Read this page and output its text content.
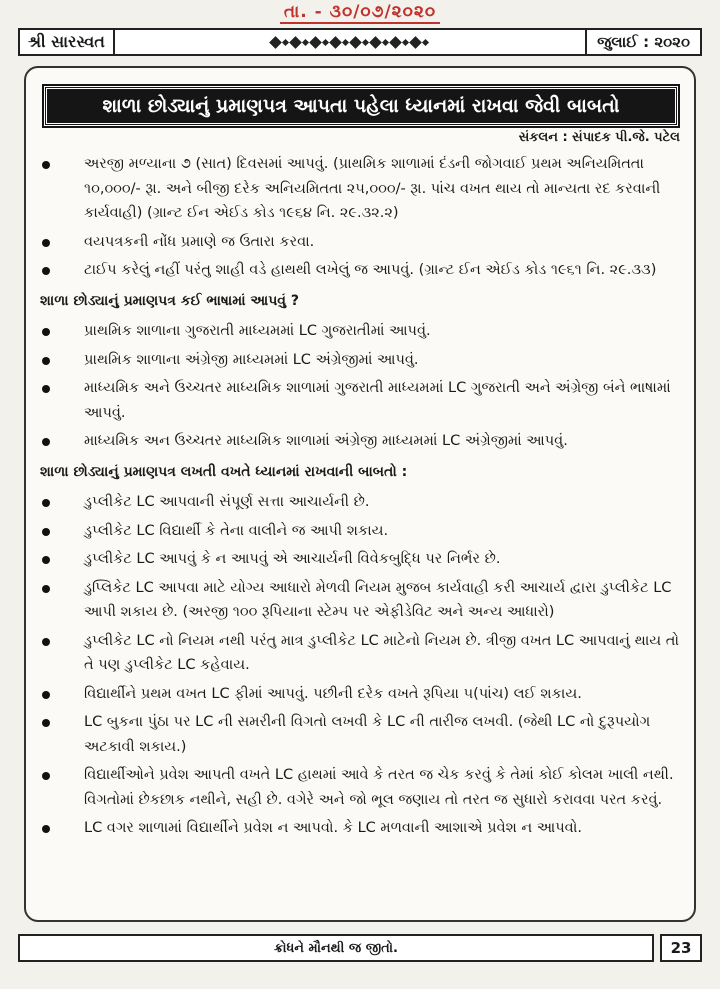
તા. - ૩૦/૦૭/૨૦૨૦
શ્રી સારસ્વત	જુલાઈ : ૨૦૨૦
શાળા છોડ્યાનું પ્રમાણપત્ર આપતા પહેલા ધ્યાનમાં રાખવા જેવી બાબતો
સંકલન : સંપાદક પી.જે. પટેલ
અરજી મળ્યાના ૭ (સાત) દિવસમાં આપવું. (પ્રાથમિક શાળામાં દંડની જોગવાઈ પ્રથમ અનિયમિતતા ૧૦,૦૦૦/- રૂા. અને બીજી દરેક અનિયમિતતા ૨૫,૦૦૦/- રૂા. પાંચ વખત થાય તો માન્યતા રદ કરવાની કાર્યવાહી) (ગ્રાન્ટ ઈન એઈડ કોડ ૧૯૬૪ નિ. ૨૯.૩૨.૨)
વયપત્રકની નોંધ પ્રમાણે જ ઉતારા કરવા.
ટાઈપ કરેલું નહીં પરંતુ શાહી વડે હાથથી લખેલું જ આપવું. (ગ્રાન્ટ ઈન એઈડ કોડ ૧૯૬૧ નિ. ૨૯.૩૩)
શાળા છોડ્યાનું પ્રમાણપત્ર કઈ ભાષામાં આપવું ?
પ્રાથમિક શાળાના ગુજરાતી માધ્યમમાં LC ગુજરાતીમાં આપવું.
પ્રાથમિક શાળાના અંગ્રેજી માધ્યમમાં LC અંગ્રેજીમાં આપવું.
માધ્યમિક અને ઉચ્ચતર માધ્યમિક શાળામાં ગુજરાતી માધ્યમમાં LC ગુજરાતી અને અંગ્રેજી બંને ભાષામાં આપવું.
માધ્યમિક અન ઉચ્ચતર માધ્યમિક શાળામાં અંગ્રેજી માધ્યમમાં LC અંગ્રેજીમાં આપવું.
શાળા છોડ્યાનું પ્રમાણપત્ર લખતી વખતે ધ્યાનમાં રાખવાની બાબતો :
ડુપ્લીકેટ LC આપવાની સંપૂર્ણ સત્તા આચાર્યની છે.
ડુપ્લીકેટ LC વિદ્યાર્થી કે તેના વાલીને જ આપી શકાય.
ડુપ્લીકેટ LC આપવું કે ન આપવું એ આચાર્યની વિવેકબુદ્ધિ પર નિર્ભર છે.
ડુપ્લિકેટ LC આપવા માટે યોગ્ય આધારો મેળવી નિયમ મુજબ કાર્યવાહી કરી આચાર્ય દ્વારા ડુપ્લીકેટ LC આપી શકાય છે. (અરજી ૧૦૦ રૂપિયાના સ્ટેમ્પ પર એફીડેવિટ અને અન્ય આધારો)
ડુપ્લીકેટ LC નો નિયમ નથી પરંતુ માત્ર ડુપ્લીકેટ LC માટેનો નિયમ છે. ત્રીજી વખત LC આપવાનું થાય તો તે પણ ડુપ્લીકેટ LC કહેવાય.
વિદ્યાર્થીને પ્રથમ વખત LC ફીમાં આપવું. પછીની દરેક વખતે રૂપિયા ૫(પાંચ) લઈ શકાય.
LC બુકના પુંઠા પર LC ની સમરીની વિગતો લખવી કે LC ની તારીજ લખવી. (જેથી LC નો દુરૂપયોગ અટકાવી શકાય.)
વિદ્યાર્થીઓને પ્રવેશ આપતી વખતે LC હાથમાં આવે કે તરત જ ચેક કરવું કે તેમાં કોઈ કોલમ ખાલી નથી. વિગતોમાં છેકછાક નથીને, સહી છે. વગેરે અને જો ભૂલ જણાય તો તરત જ સુધારો કરાવવા પરત કરવું.
LC વગર શાળામાં વિદ્યાર્થીને પ્રવેશ ન આપવો. કે LC મળવાની આશાએ પ્રવેશ ન આપવો.
ક્રોધને મૌનથી જ જીતો.	23
